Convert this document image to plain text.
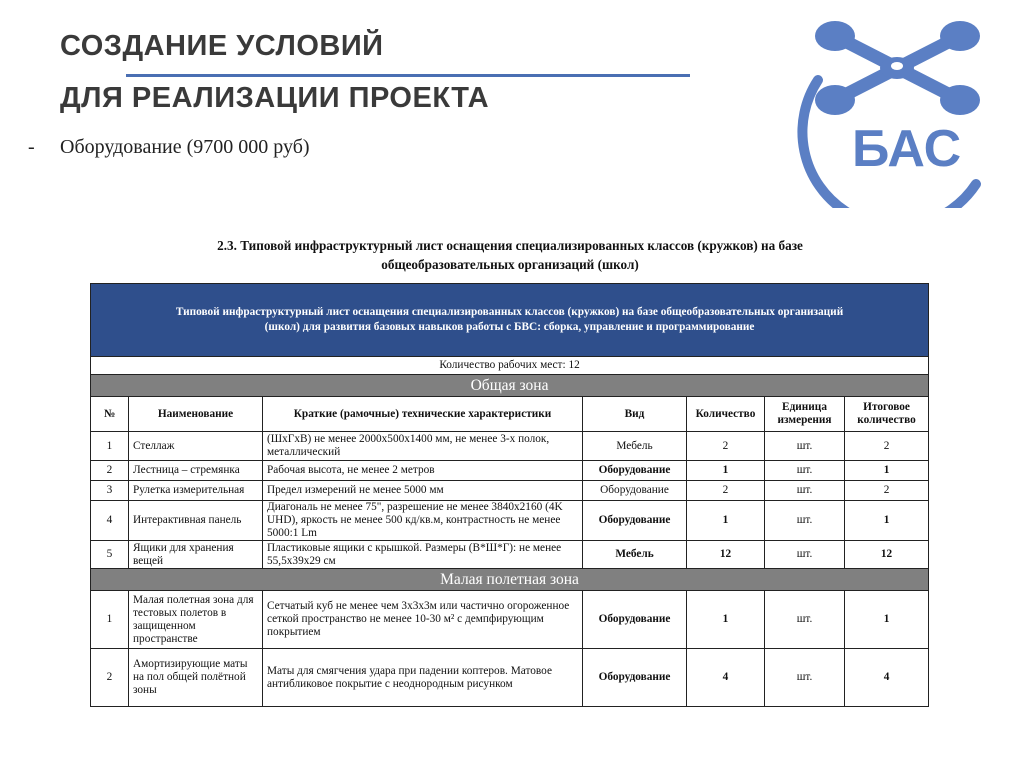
СОЗДАНИЕ УСЛОВИЙ
ДЛЯ РЕАЛИЗАЦИИ ПРОЕКТА
- Оборудование (9700 000 руб)	БАС
2.3. Типовой инфраструктурный лист оснащения специализированных классов (кружков) на базе
общеобразовательных организаций (школ)
Типовой инфраструктурный лист оснащения специализированных классов (кружков) на базе общеобразовательных организаций
(школ) для развития базовых навыков работы с БВС: сборка, управление и программирование						

Количество рабочих мест: 12						
Общая зона						
№	Наименование	Краткие (рамочные) технические характеристики	Вид	Количество	Единица измерения	Итоговое количество
1	Стеллаж	(ШхГхВ) не менее 2000х500х1400 мм, не менее 3-х полок, металлический	Мебель	2	шт.	2
2	Лестница – стремянка	Рабочая высота, не менее 2 метров	Оборудование	1	шт.	1
3	Рулетка измерительная	Предел измерений не менее 5000 мм	Оборудование	2	шт.	2
4	Интерактивная панель	Диагональ не менее 75", разрешение не менее 3840х2160 (4K UHD), яркость не менее 500 кд/кв.м, контрастность не менее 5000:1 Lm	Оборудование	1	шт.	1
5	Ящики для хранения вещей	Пластиковые ящики с крышкой. Размеры (В*Ш*Г): не менее 55,5х39х29 см	Мебель	12	шт.	12
Малая полетная зона						
1	Малая полетная зона для тестовых полетов в защищенном пространстве	Сетчатый куб не менее чем 3х3х3м или частично огороженное сеткой пространство не менее 10-30 м² с демпфирующим покрытием	Оборудование	1	шт.	1
2	Амортизирующие маты на пол общей полётной зоны	Маты для смягчения удара при падении коптеров. Матовое антибликовое покрытие с неоднородным рисунком	Оборудование	4	шт.	4
